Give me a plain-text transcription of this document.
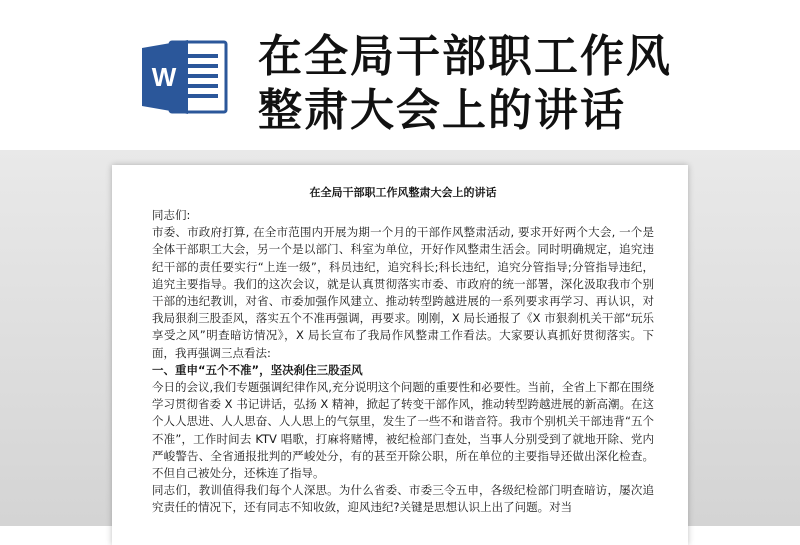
W 在全局干部职工作风
整肃大会上的讲话

在全局干部职工作风整肃大会上的讲话

同志们:

市委、市政府打算, 在全市范围内开展为期一个月的干部作风整肃活动, 要求开好两个大会, 一个是全体干部职工大会，另一个是以部门、科室为单位，开好作风整肃生活会。同时明确规定，追究违纪干部的责任要实行“上连一级”，科员违纪，追究科长;科长违纪，追究分管指导;分管指导违纪，追究主要指导。我们的这次会议，就是认真贯彻落实市委、市政府的统一部署，深化汲取我市个别干部的违纪教训，对省、市委加强作风建立、推动转型跨越进展的一系列要求再学习、再认识，对我局狠刹三股歪风，落实五个不准再强调，再要求。刚刚，X 局长通报了《X 市狠刹机关干部“玩乐享受之风”明查暗访情况》，X 局长宣布了我局作风整肃工作看法。大家要认真抓好贯彻落实。下面，我再强调三点看法:

一、重申“五个不准”，坚决刹住三股歪风

今日的会议,我们专题强调纪律作风,充分说明这个问题的重要性和必要性。当前，全省上下都在围绕学习贯彻省委 X 书记讲话，弘扬 X 精神，掀起了转变干部作风，推动转型跨越进展的新高潮。在这个人人思进、人人思奋、人人思上的气氛里，发生了一些不和谐音符。我市个别机关干部违背“五个不准”，工作时间去 KTV 唱歌，打麻将赌博，被纪检部门查处，当事人分别受到了就地开除、党内严峻警告、全省通报批判的严峻处分，有的甚至开除公职，所在单位的主要指导还做出深化检查。不但自己被处分，还株连了指导。

同志们，教训值得我们每个人深思。为什么省委、市委三令五申，各级纪检部门明查暗访，屡次追究责任的情况下，还有同志不知收敛，迎风违纪?关键是思想认识上出了问题。对当
